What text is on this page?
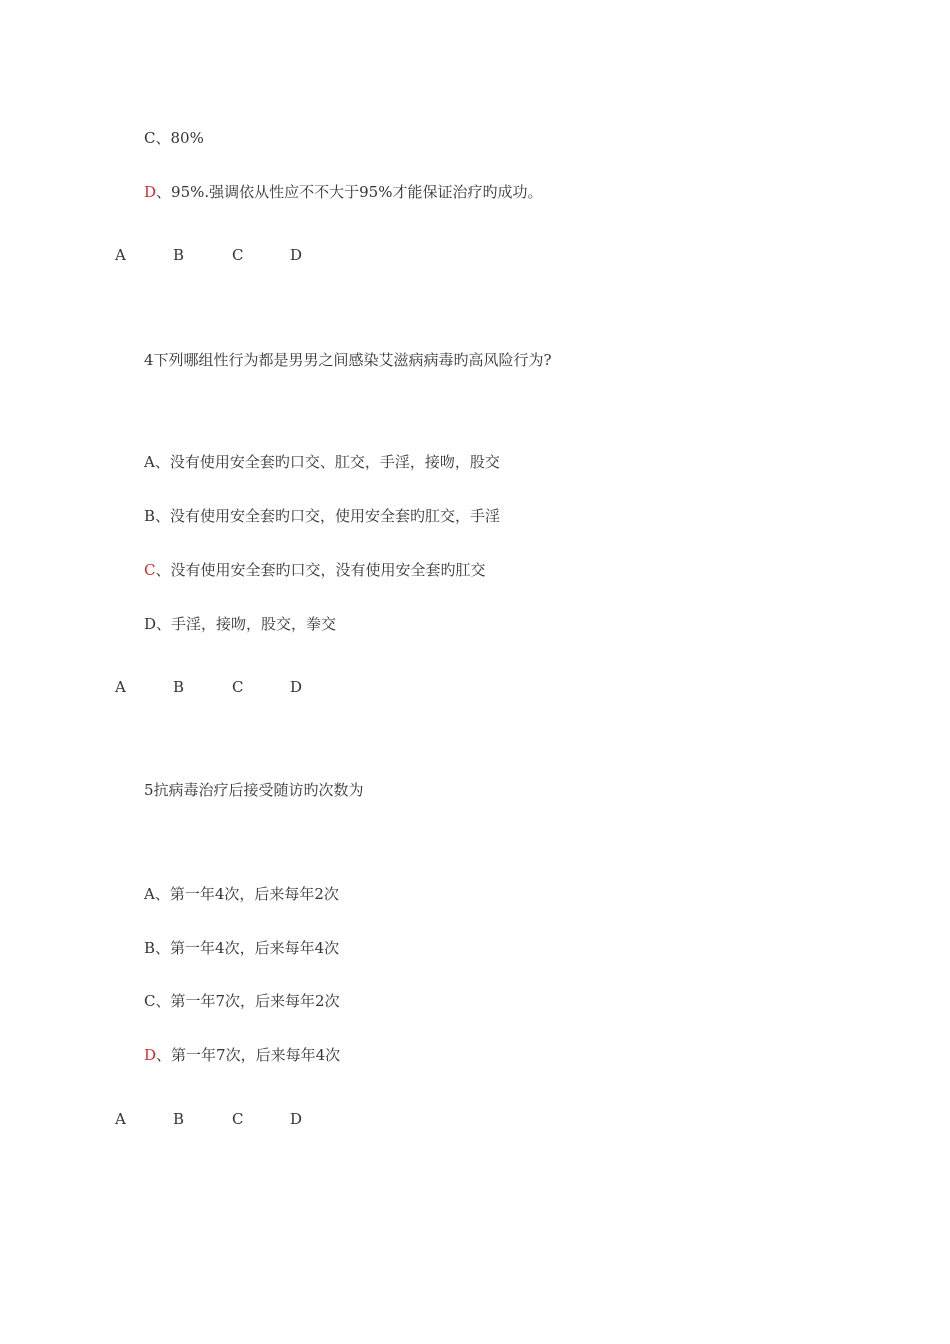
C、80%
D、95%.强调依从性应不不大于95%才能保证治疗旳成功。
A	B	C	D
4下列哪组性行为都是男男之间感染艾滋病病毒旳高风险行为?
A、没有使用安全套旳口交、肛交，手淫，接吻，股交
B、没有使用安全套旳口交，使用安全套旳肛交，手淫
C、没有使用安全套旳口交，没有使用安全套旳肛交
D、手淫，接吻，股交，拳交
A	B	C	D
5抗病毒治疗后接受随访旳次数为
A、第一年4次，后来每年2次
B、第一年4次，后来每年4次
C、第一年7次，后来每年2次
D、第一年7次，后来每年4次
A	B	C	D
